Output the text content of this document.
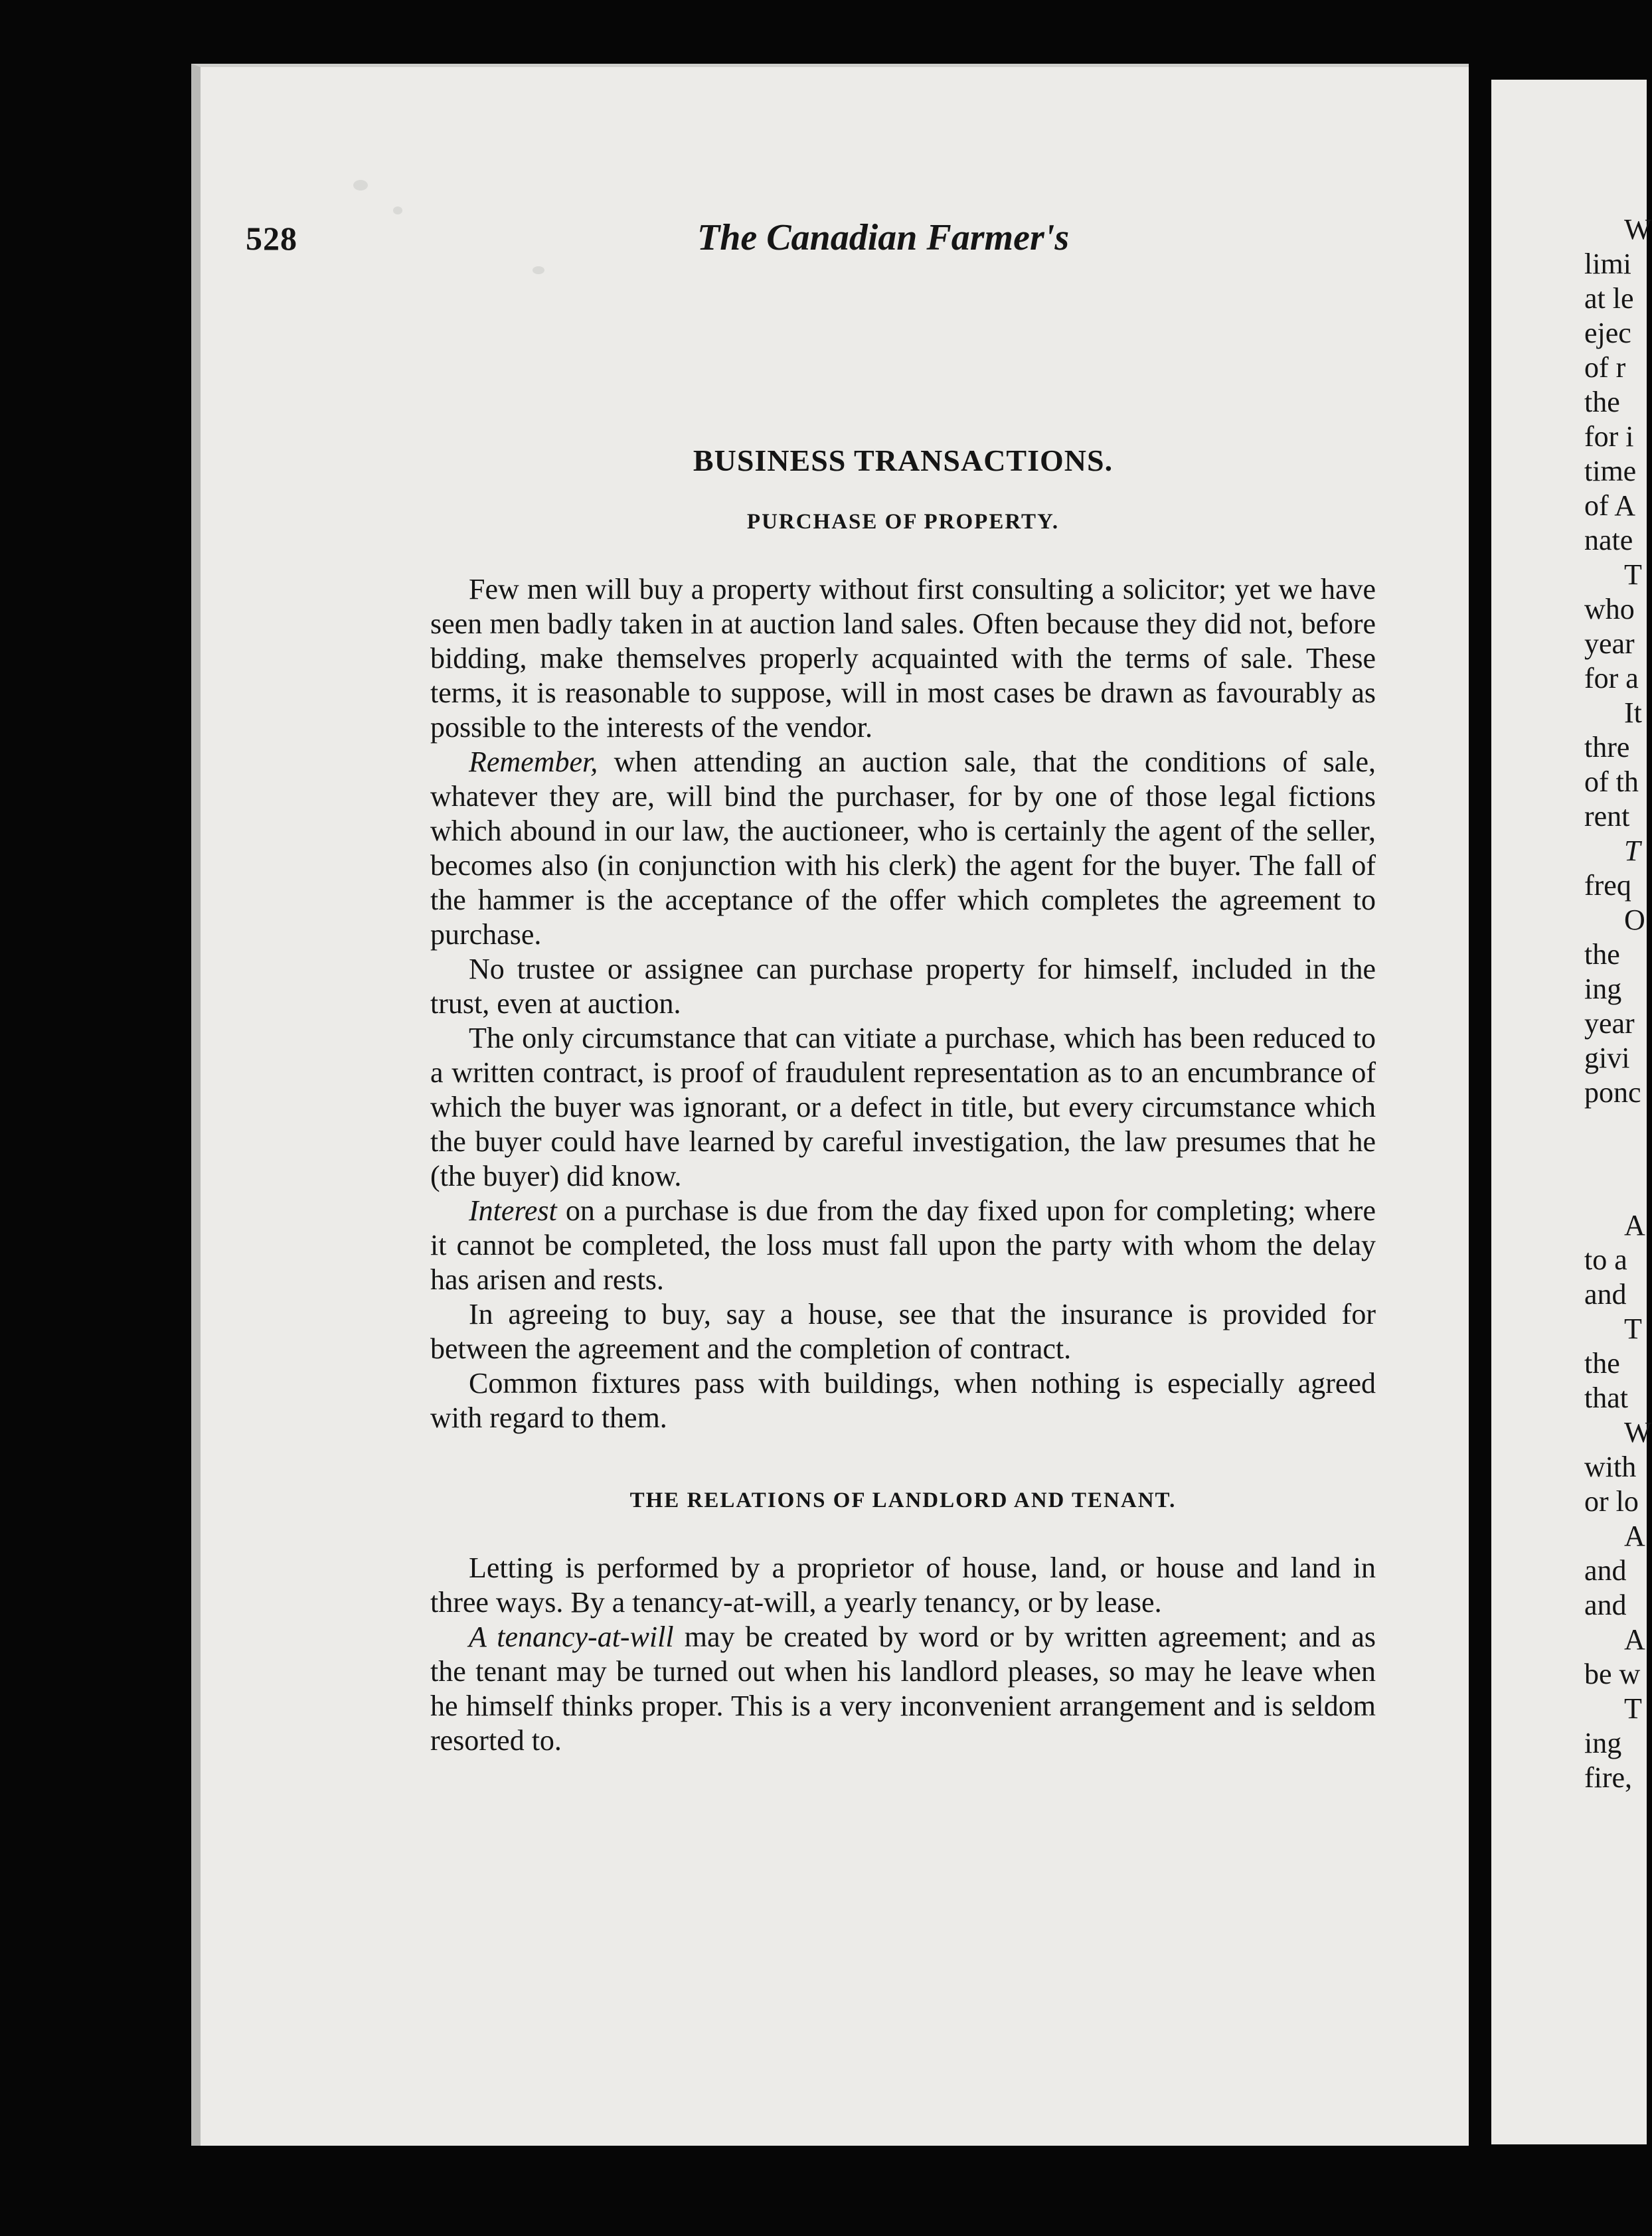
528	The Canadian Farmer's
BUSINESS TRANSACTIONS.
PURCHASE OF PROPERTY.

Few men will buy a property without first consulting a solicitor; yet we have seen men badly taken in at auction land sales. Often because they did not, before bidding, make themselves properly acquainted with the terms of sale. These terms, it is reasonable to suppose, will in most cases be drawn as favourably as possible to the interests of the vendor.

Remember, when attending an auction sale, that the conditions of sale, whatever they are, will bind the purchaser, for by one of those legal fictions which abound in our law, the auctioneer, who is certainly the agent of the seller, becomes also (in conjunction with his clerk) the agent for the buyer. The fall of the hammer is the acceptance of the offer which completes the agreement to purchase.

No trustee or assignee can purchase property for himself, included in the trust, even at auction.

The only circumstance that can vitiate a purchase, which has been reduced to a written contract, is proof of fraudulent representation as to an encumbrance of which the buyer was ignorant, or a defect in title, but every circumstance which the buyer could have learned by careful investigation, the law presumes that he (the buyer) did know.

Interest on a purchase is due from the day fixed upon for completing; where it cannot be completed, the loss must fall upon the party with whom the delay has arisen and rests.

In agreeing to buy, say a house, see that the insurance is provided for between the agreement and the completion of contract.

Common fixtures pass with buildings, when nothing is especially agreed with regard to them.

THE RELATIONS OF LANDLORD AND TENANT.

Letting is performed by a proprietor of house, land, or house and land in three ways. By a tenancy-at-will, a yearly tenancy, or by lease.

A tenancy-at-will may be created by word or by written agreement; and as the tenant may be turned out when his landlord pleases, so may he leave when he himself thinks proper. This is a very inconvenient arrangement and is seldom resorted to.

W
limi
at le
ejec
of r
the
for i
time
of A
nate
T
who
year
for a
It
thre
of th
rent
T
freq
O
the
ing
year
givi
ponc
A
to a
and
T
the
that
W
with
or lo
A
and
and
A
be w
T
ing
fire,
